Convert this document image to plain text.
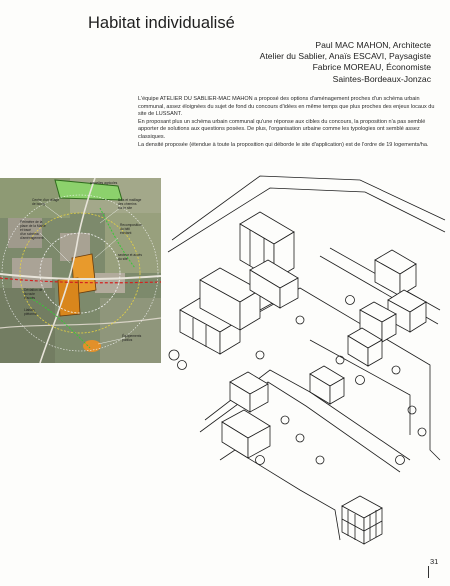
Habitat individualisé
Paul MAC MAHON, Architecte
Atelier du Sablier, Anaïs ESCAVI, Paysagiste
Fabrice MOREAU, Économiste
Saintes-Bordeaux-Jonzac

L'équipe ATELIER DU SABLIER-MAC MAHON a proposé des options d'aménagement proches d'un schéma urbain communal, assez éloignées du sujet de fond du concours d'idées en même temps que plus proches des enjeux locaux du site de LUSSANT.

En proposant plus un schéma urbain communal qu'une réponse aux cibles du concours, la proposition n'a pas semblé apporter de solutions aux questions posées. De plus, l'organisation urbaine comme les typologies ont semblé assez classiques.

La densité proposée (étendue à toute la proposition qui déborde le site d'application) est de l'ordre de 19 logements/ha.

parcelles agricoles
Centre d'un village
de bourg
Périmètre de la
place de la Mairie
et tracé
d'un schéma
d'aménagement
Bois et maillage
des chemins
sur le site
Recomposition
du bâti
existant
secteur et accès
du site
Déviation de
la route
d'accès
Liaison
piétonne
Équipements
publics
31
